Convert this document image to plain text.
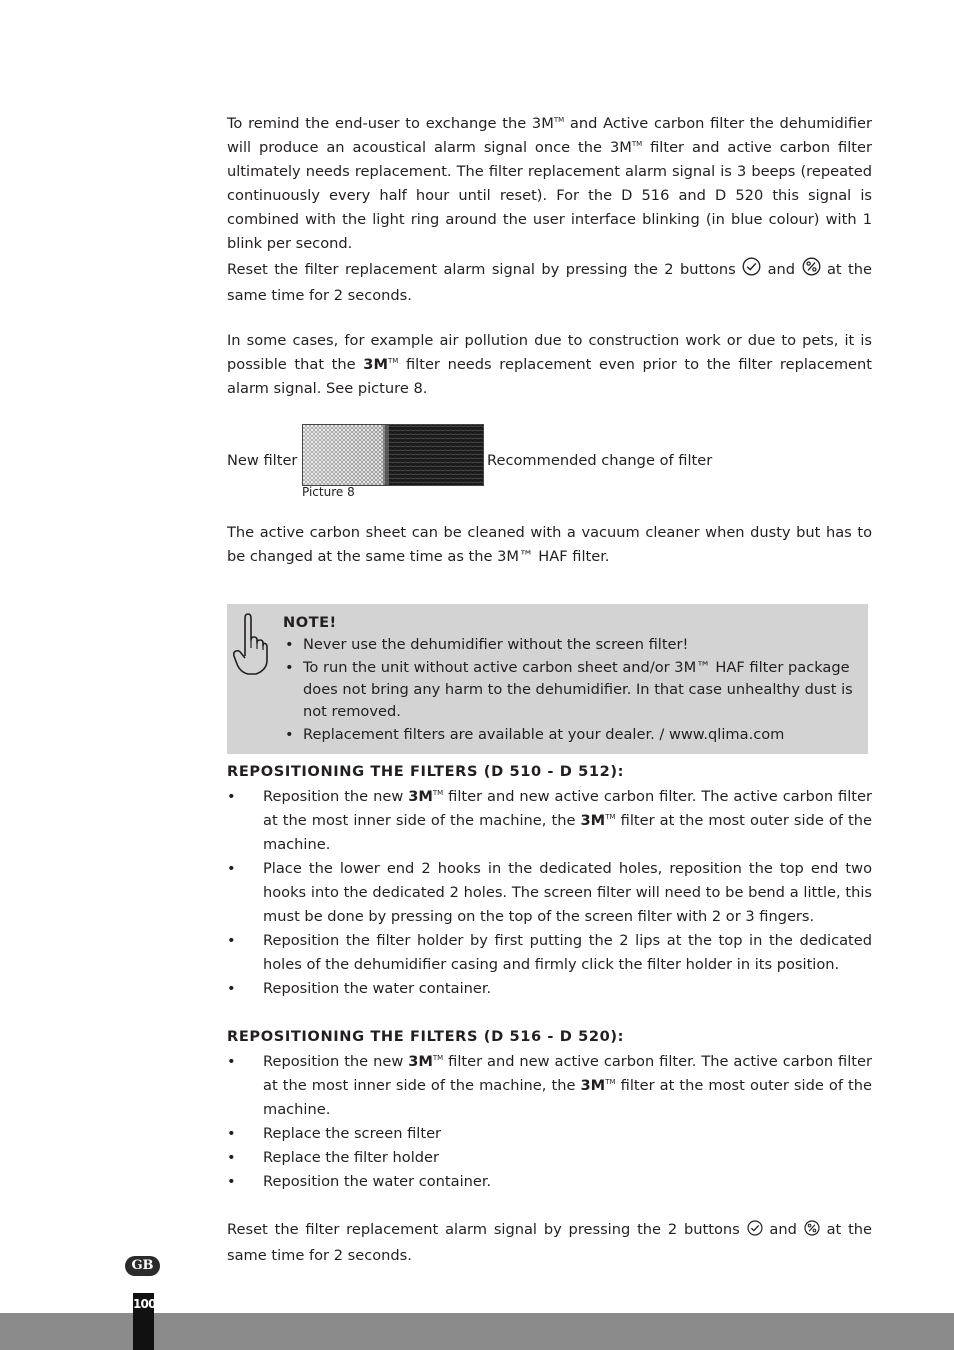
To remind the end-user to exchange the 3M™ and Active carbon filter the dehumidifier will produce an acoustical alarm signal once the 3M™ filter and active carbon filter ultimately needs replacement. The filter replacement alarm signal is 3 beeps (repeated continuously every half hour until reset). For the D 516 and D 520 this signal is combined with the light ring around the user interface blinking (in blue colour) with 1 blink per second.

Reset the filter replacement alarm signal by pressing the 2 buttons and at the same time for 2 seconds.

In some cases, for example air pollution due to construction work or due to pets, it is possible that the 3M™ filter needs replacement even prior to the filter replacement alarm signal. See picture 8.

New filter	Recommended change of filter
Picture 8

The active carbon sheet can be cleaned with a vacuum cleaner when dusty but has to be changed at the same time as the 3M™ HAF filter.

NOTE!
• Never use the dehumidifier without the screen filter!
• To run the unit without active carbon sheet and/or 3M™ HAF filter package does not bring any harm to the dehumidifier. In that case unhealthy dust is not removed.
• Replacement filters are available at your dealer. / www.qlima.com
REPOSITIONING THE FILTERS (D 510 - D 512):
• Reposition the new 3M™ filter and new active carbon filter. The active carbon filter at the most inner side of the machine, the 3M™ filter at the most outer side of the machine.
• Place the lower end 2 hooks in the dedicated holes, reposition the top end two hooks into the dedicated 2 holes. The screen filter will need to be bend a little, this must be done by pressing on the top of the screen filter with 2 or 3 fingers.
• Reposition the filter holder by first putting the 2 lips at the top in the dedicated holes of the dehumidifier casing and firmly click the filter holder in its position.
• Reposition the water container.
REPOSITIONING THE FILTERS (D 516 - D 520):
• Reposition the new 3M™ filter and new active carbon filter. The active carbon filter at the most inner side of the machine, the 3M™ filter at the most outer side of the machine.
• Replace the screen filter
• Replace the filter holder
• Reposition the water container.

Reset the filter replacement alarm signal by pressing the 2 buttons and at the same time for 2 seconds.

GB
100
